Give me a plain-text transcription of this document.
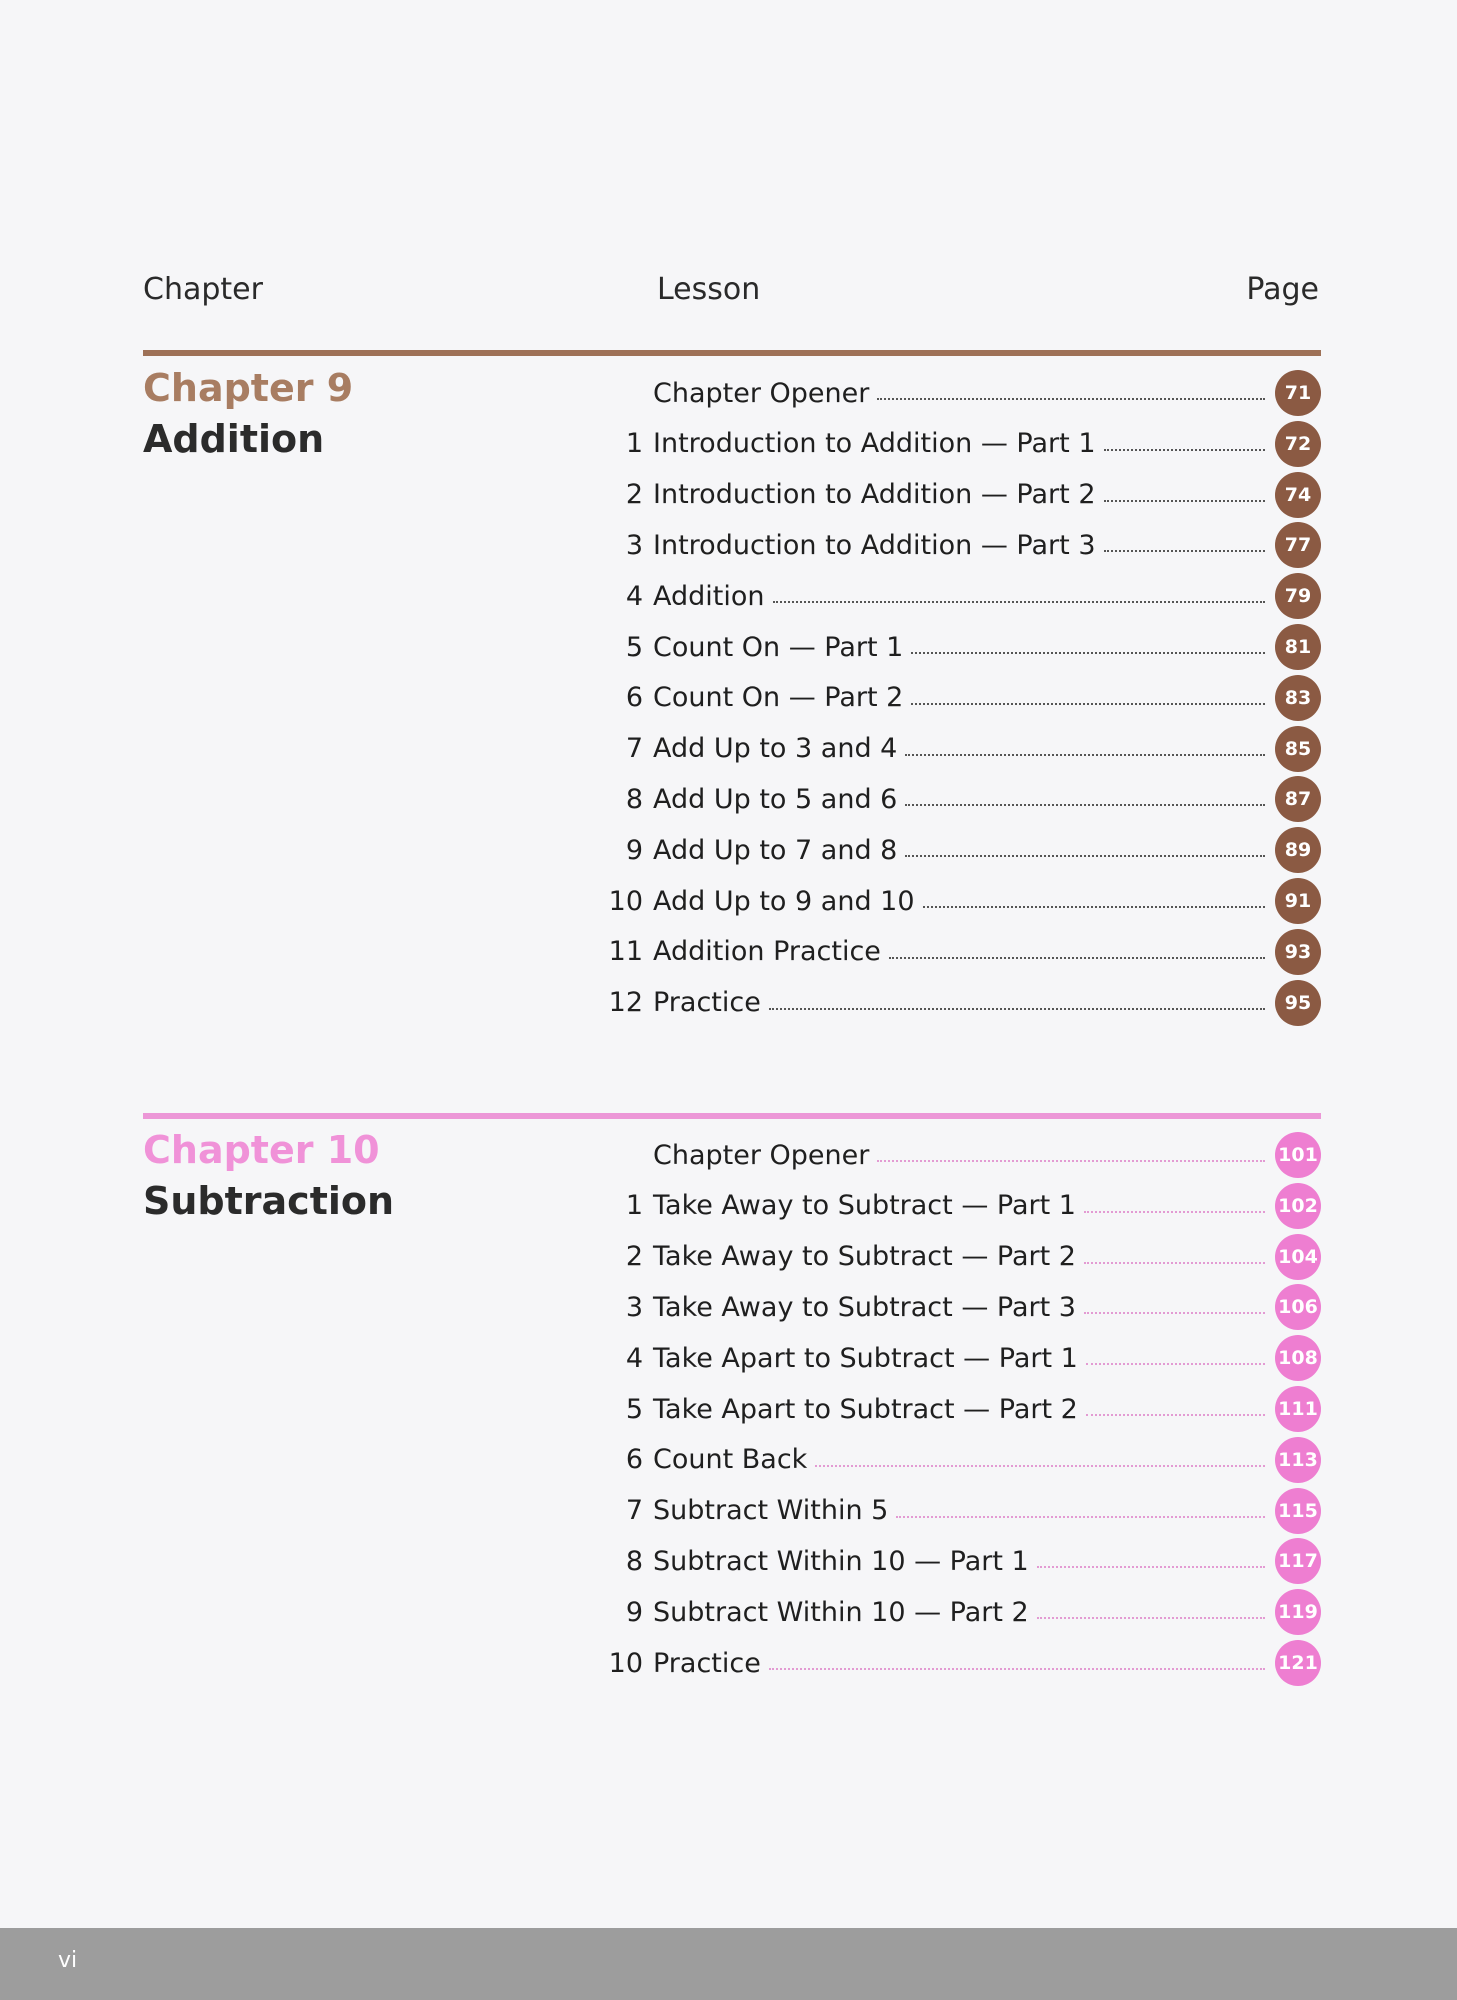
Chapter	Lesson	Page
Chapter 9
Addition
Chapter Opener	71
1 Introduction to Addition — Part 1	72
2 Introduction to Addition — Part 2	74
3 Introduction to Addition — Part 3	77
4 Addition	79
5 Count On — Part 1	81
6 Count On — Part 2	83
7 Add Up to 3 and 4	85
8 Add Up to 5 and 6	87
9 Add Up to 7 and 8	89
10 Add Up to 9 and 10	91
11 Addition Practice	93
12 Practice	95
Chapter 10
Subtraction
Chapter Opener	101
1 Take Away to Subtract — Part 1	102
2 Take Away to Subtract — Part 2	104
3 Take Away to Subtract — Part 3	106
4 Take Apart to Subtract — Part 1	108
5 Take Apart to Subtract — Part 2	111
6 Count Back	113
7 Subtract Within 5	115
8 Subtract Within 10 — Part 1	117
9 Subtract Within 10 — Part 2	119
10 Practice	121
vi
